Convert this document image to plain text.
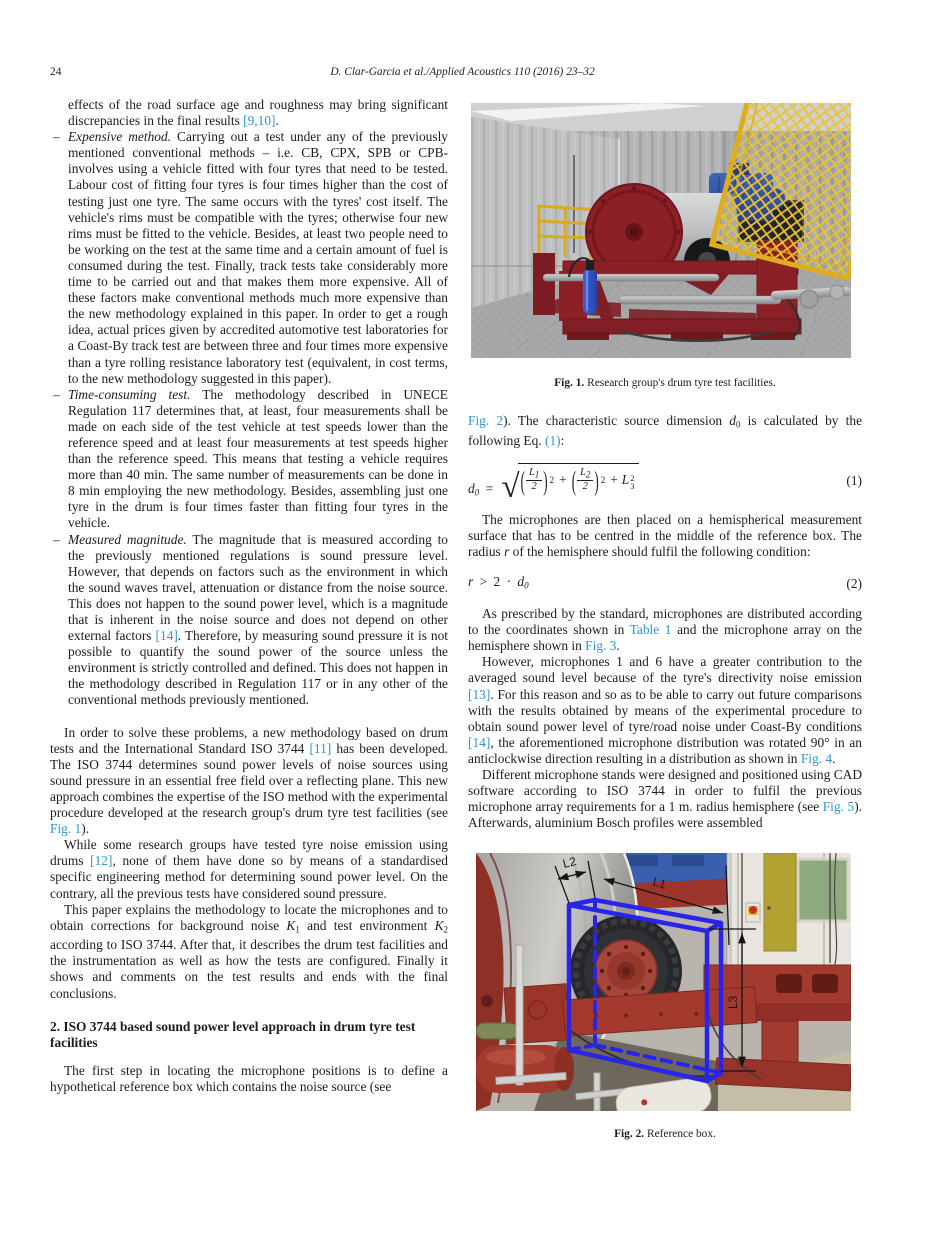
24	D. Clar-Garcia et al./Applied Acoustics 110 (2016) 23–32

effects of the road surface age and roughness may bring significant discrepancies in the final results [9,10].

– Expensive method. Carrying out a test under any of the previously mentioned conventional methods – i.e. CB, CPX, SPB or CPB- involves using a vehicle fitted with four tyres that need to be tested. Labour cost of fitting four tyres is four times higher than the cost of testing just one tyre. The same occurs with the tyres' cost itself. The vehicle's rims must be compatible with the tyres; otherwise four new rims must be fitted to the vehicle. Besides, at least two people need to be working on the test at the same time and a certain amount of fuel is consumed during the test. Finally, track tests take considerably more time to be carried out and that makes them more expensive. All of these factors make conventional methods much more expensive than the new methodology explained in this paper. In order to get a rough idea, actual prices given by accredited automotive test laboratories for a Coast-By track test are between three and four times more expensive than a tyre rolling resistance laboratory test (equivalent, in cost terms, to the new methodology suggested in this paper).
– Time-consuming test. The methodology described in UNECE Regulation 117 determines that, at least, four measurements shall be made on each side of the test vehicle at test speeds lower than the reference speed and at least four measurements at test speeds higher than the reference speed. This means that testing a vehicle requires more than 40 min. The same number of measurements can be done in 8 min employing the new methodology. Besides, assembling just one tyre in the drum is four times faster than fitting four tyres in the vehicle.
– Measured magnitude. The magnitude that is measured according to the previously mentioned regulations is sound pressure level. However, that depends on factors such as the environment in which the sound waves travel, attenuation or distance from the noise source. This does not happen to the sound power level, which is a magnitude that is inherent in the noise source and does not depend on other external factors [14]. Therefore, by measuring sound pressure it is not possible to quantify the sound power of the source unless the environment is strictly controlled and defined. This does not happen in the methodology described in Regulation 117 or in any other of the conventional methods previously mentioned.

In order to solve these problems, a new methodology based on drum tests and the International Standard ISO 3744 [11] has been developed. The ISO 3744 determines sound power levels of noise sources using sound pressure in an essential free field over a reflecting plane. This new approach combines the expertise of the ISO method with the experimental procedure developed at the research group's drum tyre test facilities (see Fig. 1).

While some research groups have tested tyre noise emission using drums [12], none of them have done so by means of a standardised specific engineering method for determining sound power level. On the contrary, all the previous tests have considered sound pressure.

This paper explains the methodology to locate the microphones and to obtain corrections for background noise K1 and test environment K2 according to ISO 3744. After that, it describes the drum test facilities and the instrumentation as well as how the tests are configured. Finally it shows and comments on the test results and ends with the final conclusions.

2. ISO 3744 based sound power level approach in drum tyre test facilities

The first step in locating the microphone positions is to define a hypothetical reference box which contains the noise source (see

Fig. 1. Research group's drum tyre test facilities.

Fig. 2). The characteristic source dimension d0 is calculated by the following Eq. (1):

d0 = √ ( $\frac{L1}{2}$ ) 2 + ( $\frac{L2}{2}$ ) 2 + L 2
3	(1)

The microphones are then placed on a hemispherical measurement surface that has to be centred in the middle of the reference box. The radius r of the hemisphere should fulfil the following condition:

r > 2 · d0	(2)

As prescribed by the standard, microphones are distributed according to the coordinates shown in Table 1 and the microphone array on the hemisphere shown in Fig. 3.

However, microphones 1 and 6 have a greater contribution to the averaged sound level because of the tyre's directivity noise emission [13]. For this reason and so as to be able to carry out future comparisons with the results obtained by means of the experimental procedure to obtain sound power level of tyre/road noise under Coast-By conditions [14], the aforementioned microphone distribution was rotated 90° in an anticlockwise direction resulting in a distribution as shown in Fig. 4.

Different microphone stands were designed and positioned using CAD software according to ISO 3744 in order to fulfil the previous microphone array requirements for a 1 m. radius hemisphere (see Fig. 5). Afterwards, aluminium Bosch profiles were assembled

L2
L1
L3

Fig. 2. Reference box.
